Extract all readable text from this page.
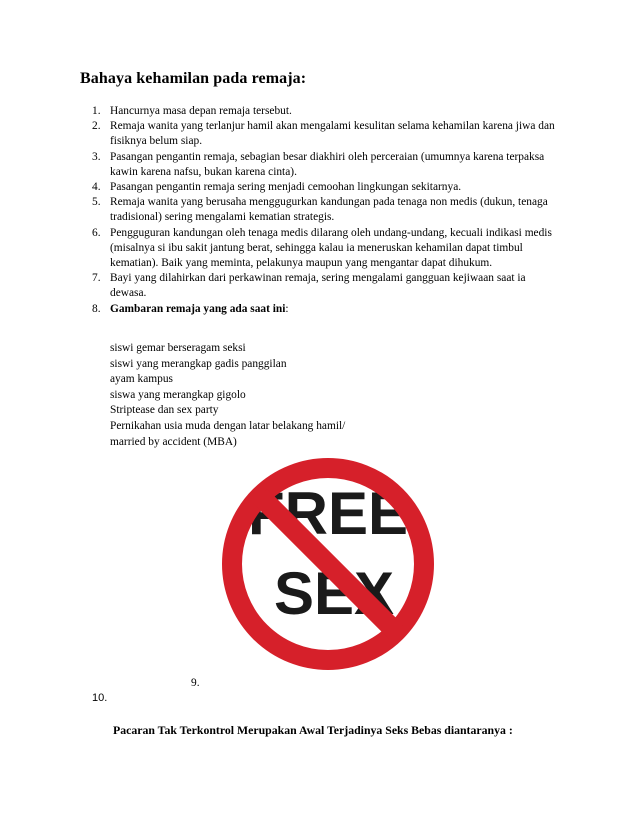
Bahaya kehamilan pada remaja:
1. Hancurnya masa depan remaja tersebut.
2. Remaja wanita yang terlanjur hamil akan mengalami kesulitan selama kehamilan karena jiwa dan fisiknya belum siap.
3. Pasangan pengantin remaja, sebagian besar diakhiri oleh perceraian (umumnya karena terpaksa kawin karena nafsu, bukan karena cinta).
4. Pasangan pengantin remaja sering menjadi cemoohan lingkungan sekitarnya.
5. Remaja wanita yang berusaha menggugurkan kandungan pada tenaga non medis (dukun, tenaga tradisional) sering mengalami kematian strategis.
6. Pengguguran kandungan oleh tenaga medis dilarang oleh undang-undang, kecuali indikasi medis (misalnya si ibu sakit jantung berat, sehingga kalau ia meneruskan kehamilan dapat timbul kematian). Baik yang meminta, pelakunya maupun yang mengantar dapat dihukum.
7. Bayi yang dilahirkan dari perkawinan remaja, sering mengalami gangguan kejiwaan saat ia dewasa.
8. Gambaran remaja yang ada saat ini:
siswi gemar berseragam seksi
siswi yang merangkap gadis panggilan
ayam kampus
siswa yang merangkap gigolo
Striptease dan sex party
Pernikahan usia muda dengan latar belakang hamil/
married by accident (MBA)
FREE
SEX
9.
10.
Pacaran Tak Terkontrol Merupakan Awal Terjadinya Seks Bebas diantaranya :
